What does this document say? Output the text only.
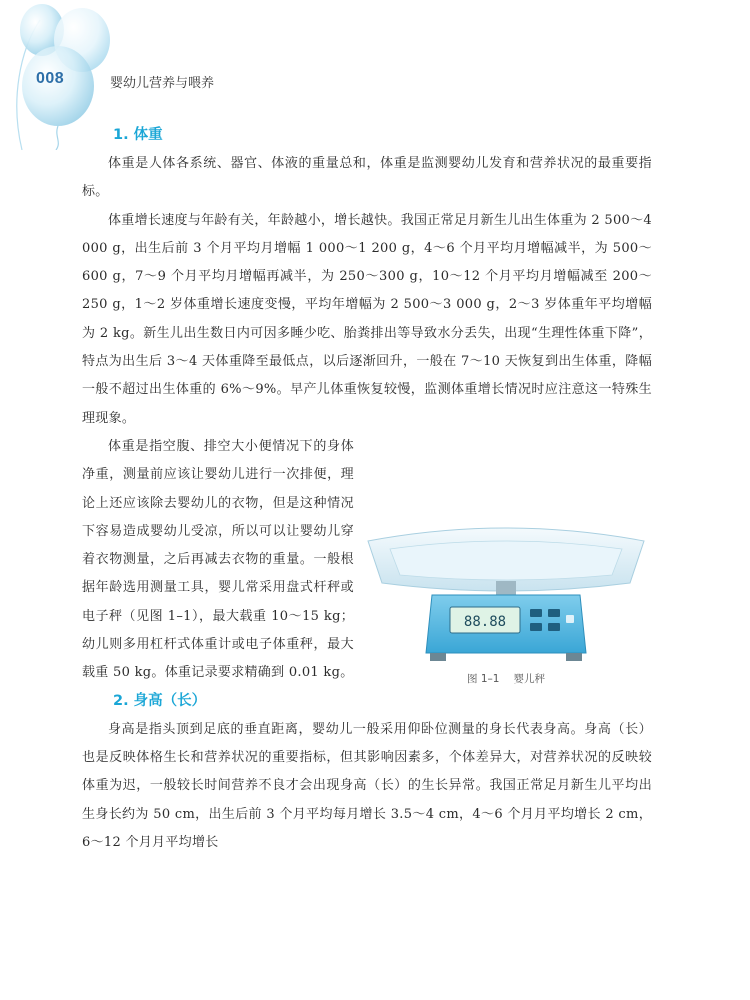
008	婴幼儿营养与喂养
1. 体重

体重是人体各系统、器官、体液的重量总和，体重是监测婴幼儿发育和营养状况的最重要指标。

体重增长速度与年龄有关，年龄越小，增长越快。我国正常足月新生儿出生体重为 2 500～4 000 g，出生后前 3 个月平均月增幅 1 000～1 200 g，4～6 个月平均月增幅减半，为 500～600 g，7～9 个月平均月增幅再减半，为 250～300 g，10～12 个月平均月增幅减至 200～250 g，1～2 岁体重增长速度变慢，平均年增幅为 2 500～3 000 g，2～3 岁体重年平均增幅为 2 kg。新生儿出生数日内可因多睡少吃、胎粪排出等导致水分丢失，出现“生理性体重下降”，特点为出生后 3～4 天体重降至最低点，以后逐渐回升，一般在 7～10 天恢复到出生体重，降幅一般不超过出生体重的 6%～9%。早产儿体重恢复较慢，监测体重增长情况时应注意这一特殊生理现象。

88.88
图 1–1 婴儿秤

体重是指空腹、排空大小便情况下的身体净重，测量前应该让婴幼儿进行一次排便，理论上还应该除去婴幼儿的衣物，但是这种情况下容易造成婴幼儿受凉，所以可以让婴幼儿穿着衣物测量，之后再减去衣物的重量。一般根据年龄选用测量工具，婴儿常采用盘式杆秤或电子秤（见图 1–1），最大载重 10～15 kg；幼儿则多用杠杆式体重计或电子体重秤，最大载重 50 kg。体重记录要求精确到 0.01 kg。

2. 身高（长）

身高是指头顶到足底的垂直距离，婴幼儿一般采用仰卧位测量的身长代表身高。身高（长）也是反映体格生长和营养状况的重要指标，但其影响因素多，个体差异大，对营养状况的反映较体重为迟，一般较长时间营养不良才会出现身高（长）的生长异常。我国正常足月新生儿平均出生身长约为 50 cm，出生后前 3 个月平均每月增长 3.5～4 cm，4～6 个月月平均增长 2 cm，6～12 个月月平均增长
